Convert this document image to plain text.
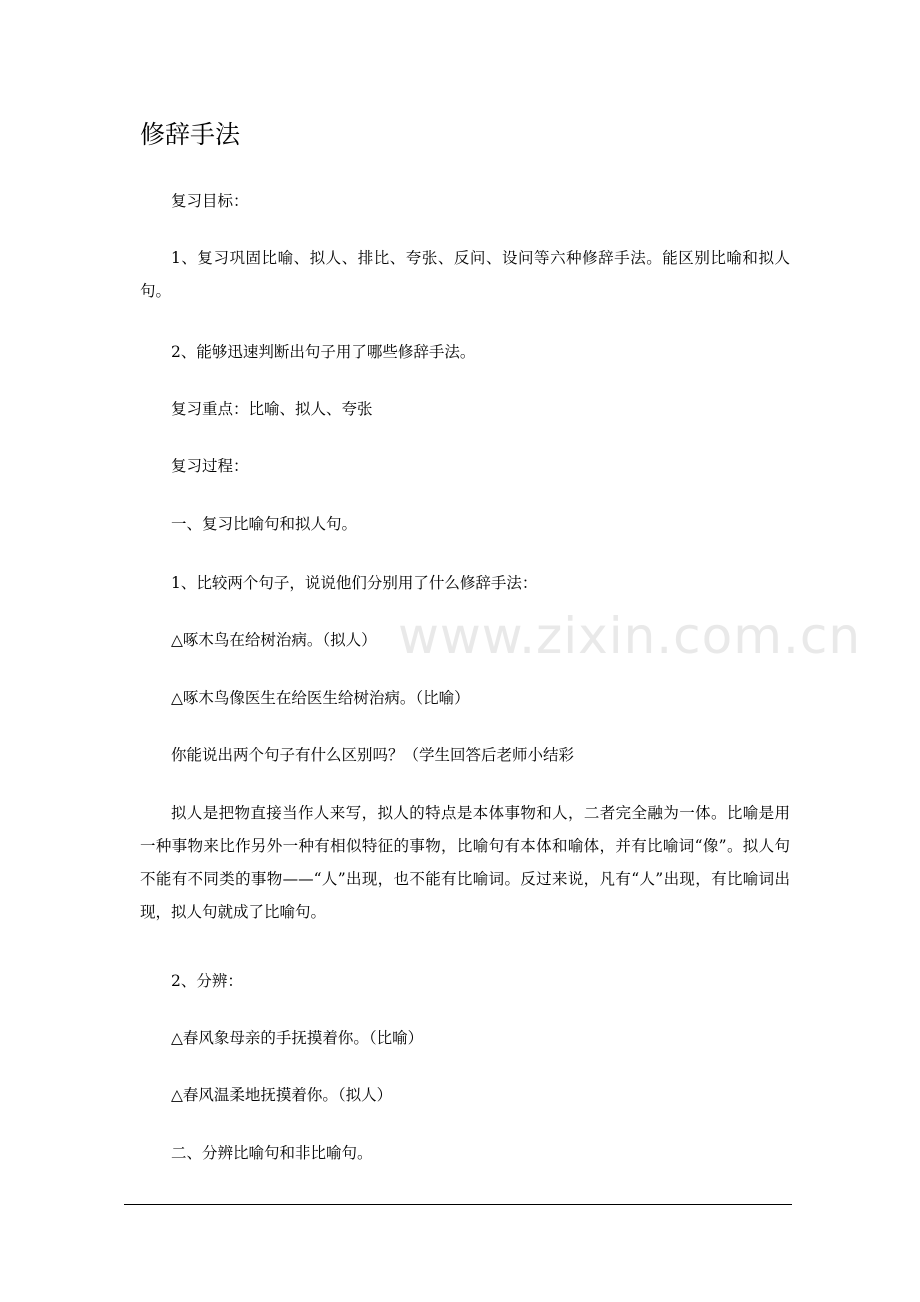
修辞手法

复习目标：

1、复习巩固比喻、拟人、排比、夸张、反问、设问等六种修辞手法。能区别比喻和拟人句。

2、能够迅速判断出句子用了哪些修辞手法。

复习重点：比喻、拟人、夸张

复习过程：

一、复习比喻句和拟人句。

1、比较两个句子，说说他们分别用了什么修辞手法：

△啄木鸟在给树治病。（拟人）

△啄木鸟像医生在给医生给树治病。（比喻）

你能说出两个句子有什么区别吗？（学生回答后老师小结彩

拟人是把物直接当作人来写，拟人的特点是本体事物和人，二者完全融为一体。比喻是用一种事物来比作另外一种有相似特征的事物，比喻句有本体和喻体，并有比喻词“像”。拟人句不能有不同类的事物——“人”出现，也不能有比喻词。反过来说，凡有“人”出现，有比喻词出现，拟人句就成了比喻句。

2、分辨：

△春风象母亲的手抚摸着你。（比喻）

△春风温柔地抚摸着你。（拟人）

二、分辨比喻句和非比喻句。

www.zixin.com.cn
